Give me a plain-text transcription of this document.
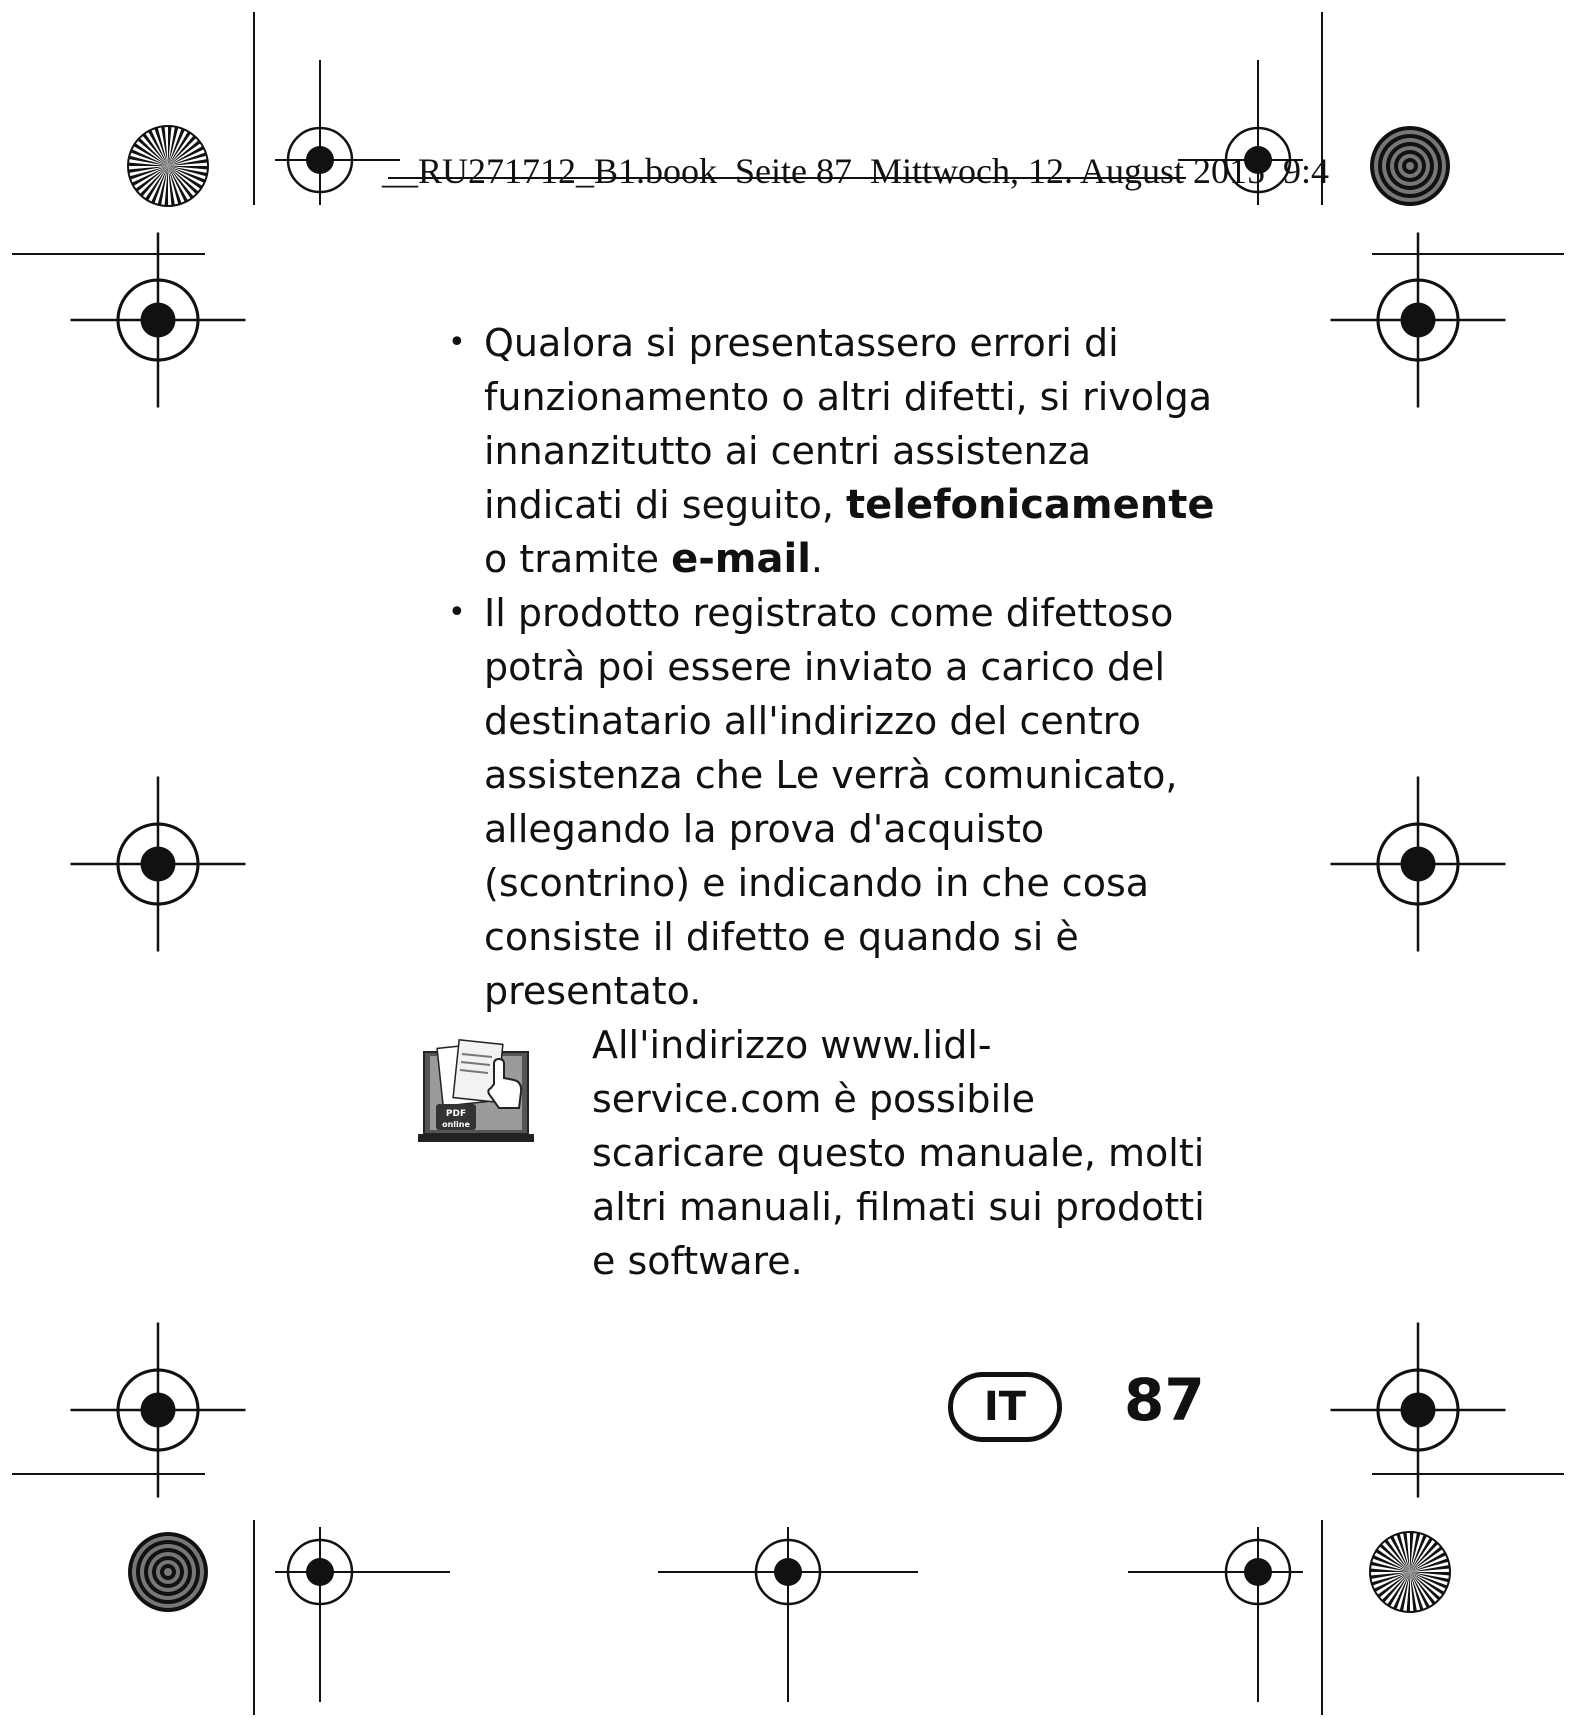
__RU271712_B1.book  Seite 87  Mittwoch, 12. August 2015  9:4

• Qualora si presentassero errori di funzionamento o altri difetti, si rivolga innanzitutto ai centri assistenza indicati di seguito, telefonicamente o tramite e-mail.

• Il prodotto registrato come difettoso potrà poi essere inviato a carico del destinatario all'indirizzo del centro assistenza che Le verrà comunicato, allegando la prova d'acquisto (scontrino) e indicando in che cosa consiste il difetto e quando si è presentato.

PDF
online

All'indirizzo www.lidl-service.com è possibile scaricare questo manuale, molti altri manuali, filmati sui prodotti e software.

IT	87
